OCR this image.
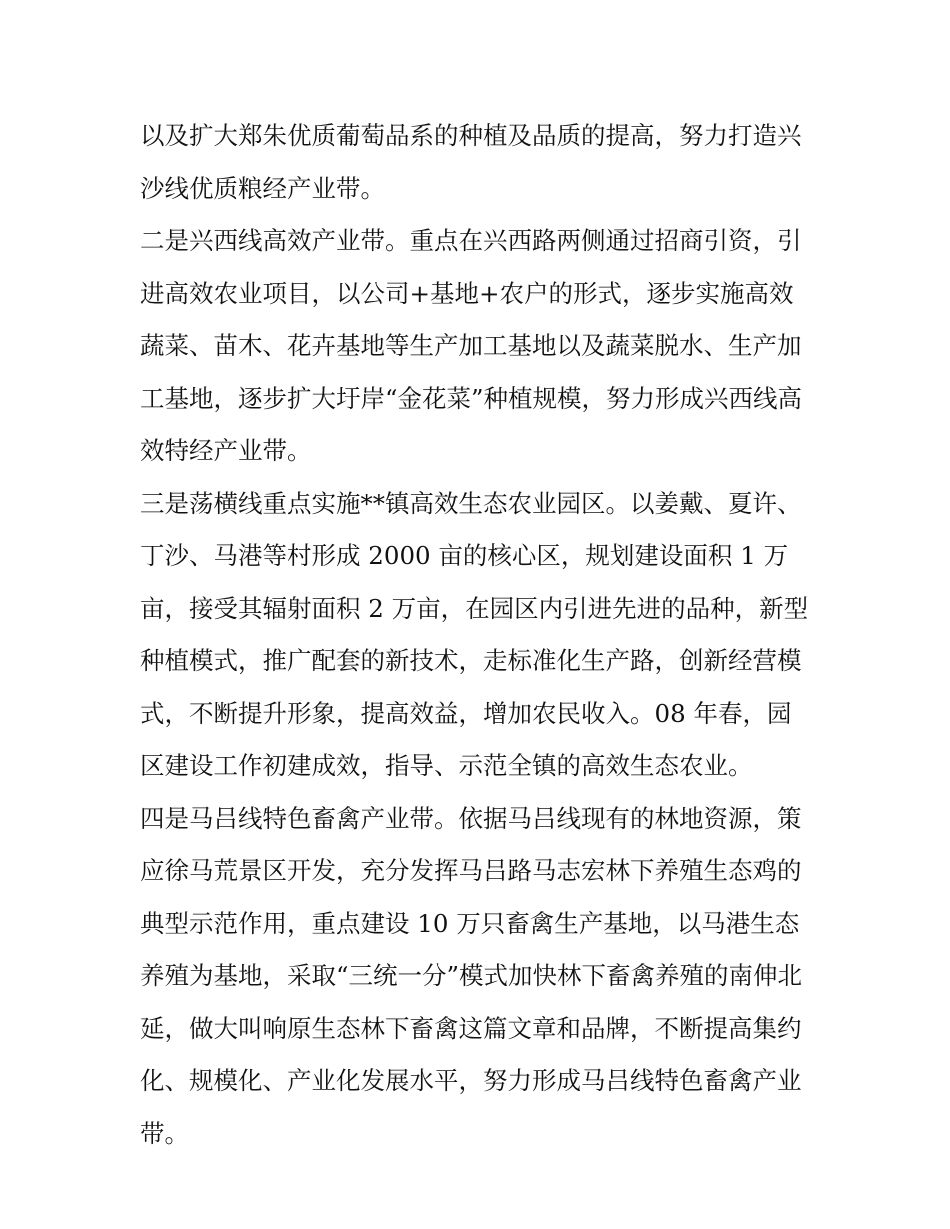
以及扩大郑朱优质葡萄品系的种植及品质的提高，努力打造兴
沙线优质粮经产业带。
二是兴西线高效产业带。重点在兴西路两侧通过招商引资，引
进高效农业项目，以公司+基地+农户的形式，逐步实施高效
蔬菜、苗木、花卉基地等生产加工基地以及蔬菜脱水、生产加
工基地，逐步扩大圩岸“金花菜”种植规模，努力形成兴西线高
效特经产业带。
三是荡横线重点实施**镇高效生态农业园区。以姜戴、夏许、
丁沙、马港等村形成 2000 亩的核心区，规划建设面积 1 万
亩，接受其辐射面积 2 万亩，在园区内引进先进的品种，新型
种植模式，推广配套的新技术，走标准化生产路，创新经营模
式，不断提升形象，提高效益，增加农民收入。08 年春，园
区建设工作初建成效，指导、示范全镇的高效生态农业。
四是马吕线特色畜禽产业带。依据马吕线现有的林地资源，策
应徐马荒景区开发，充分发挥马吕路马志宏林下养殖生态鸡的
典型示范作用，重点建设 10 万只畜禽生产基地，以马港生态
养殖为基地，采取“三统一分”模式加快林下畜禽养殖的南伸北
延，做大叫响原生态林下畜禽这篇文章和品牌，不断提高集约
化、规模化、产业化发展水平，努力形成马吕线特色畜禽产业
带。
